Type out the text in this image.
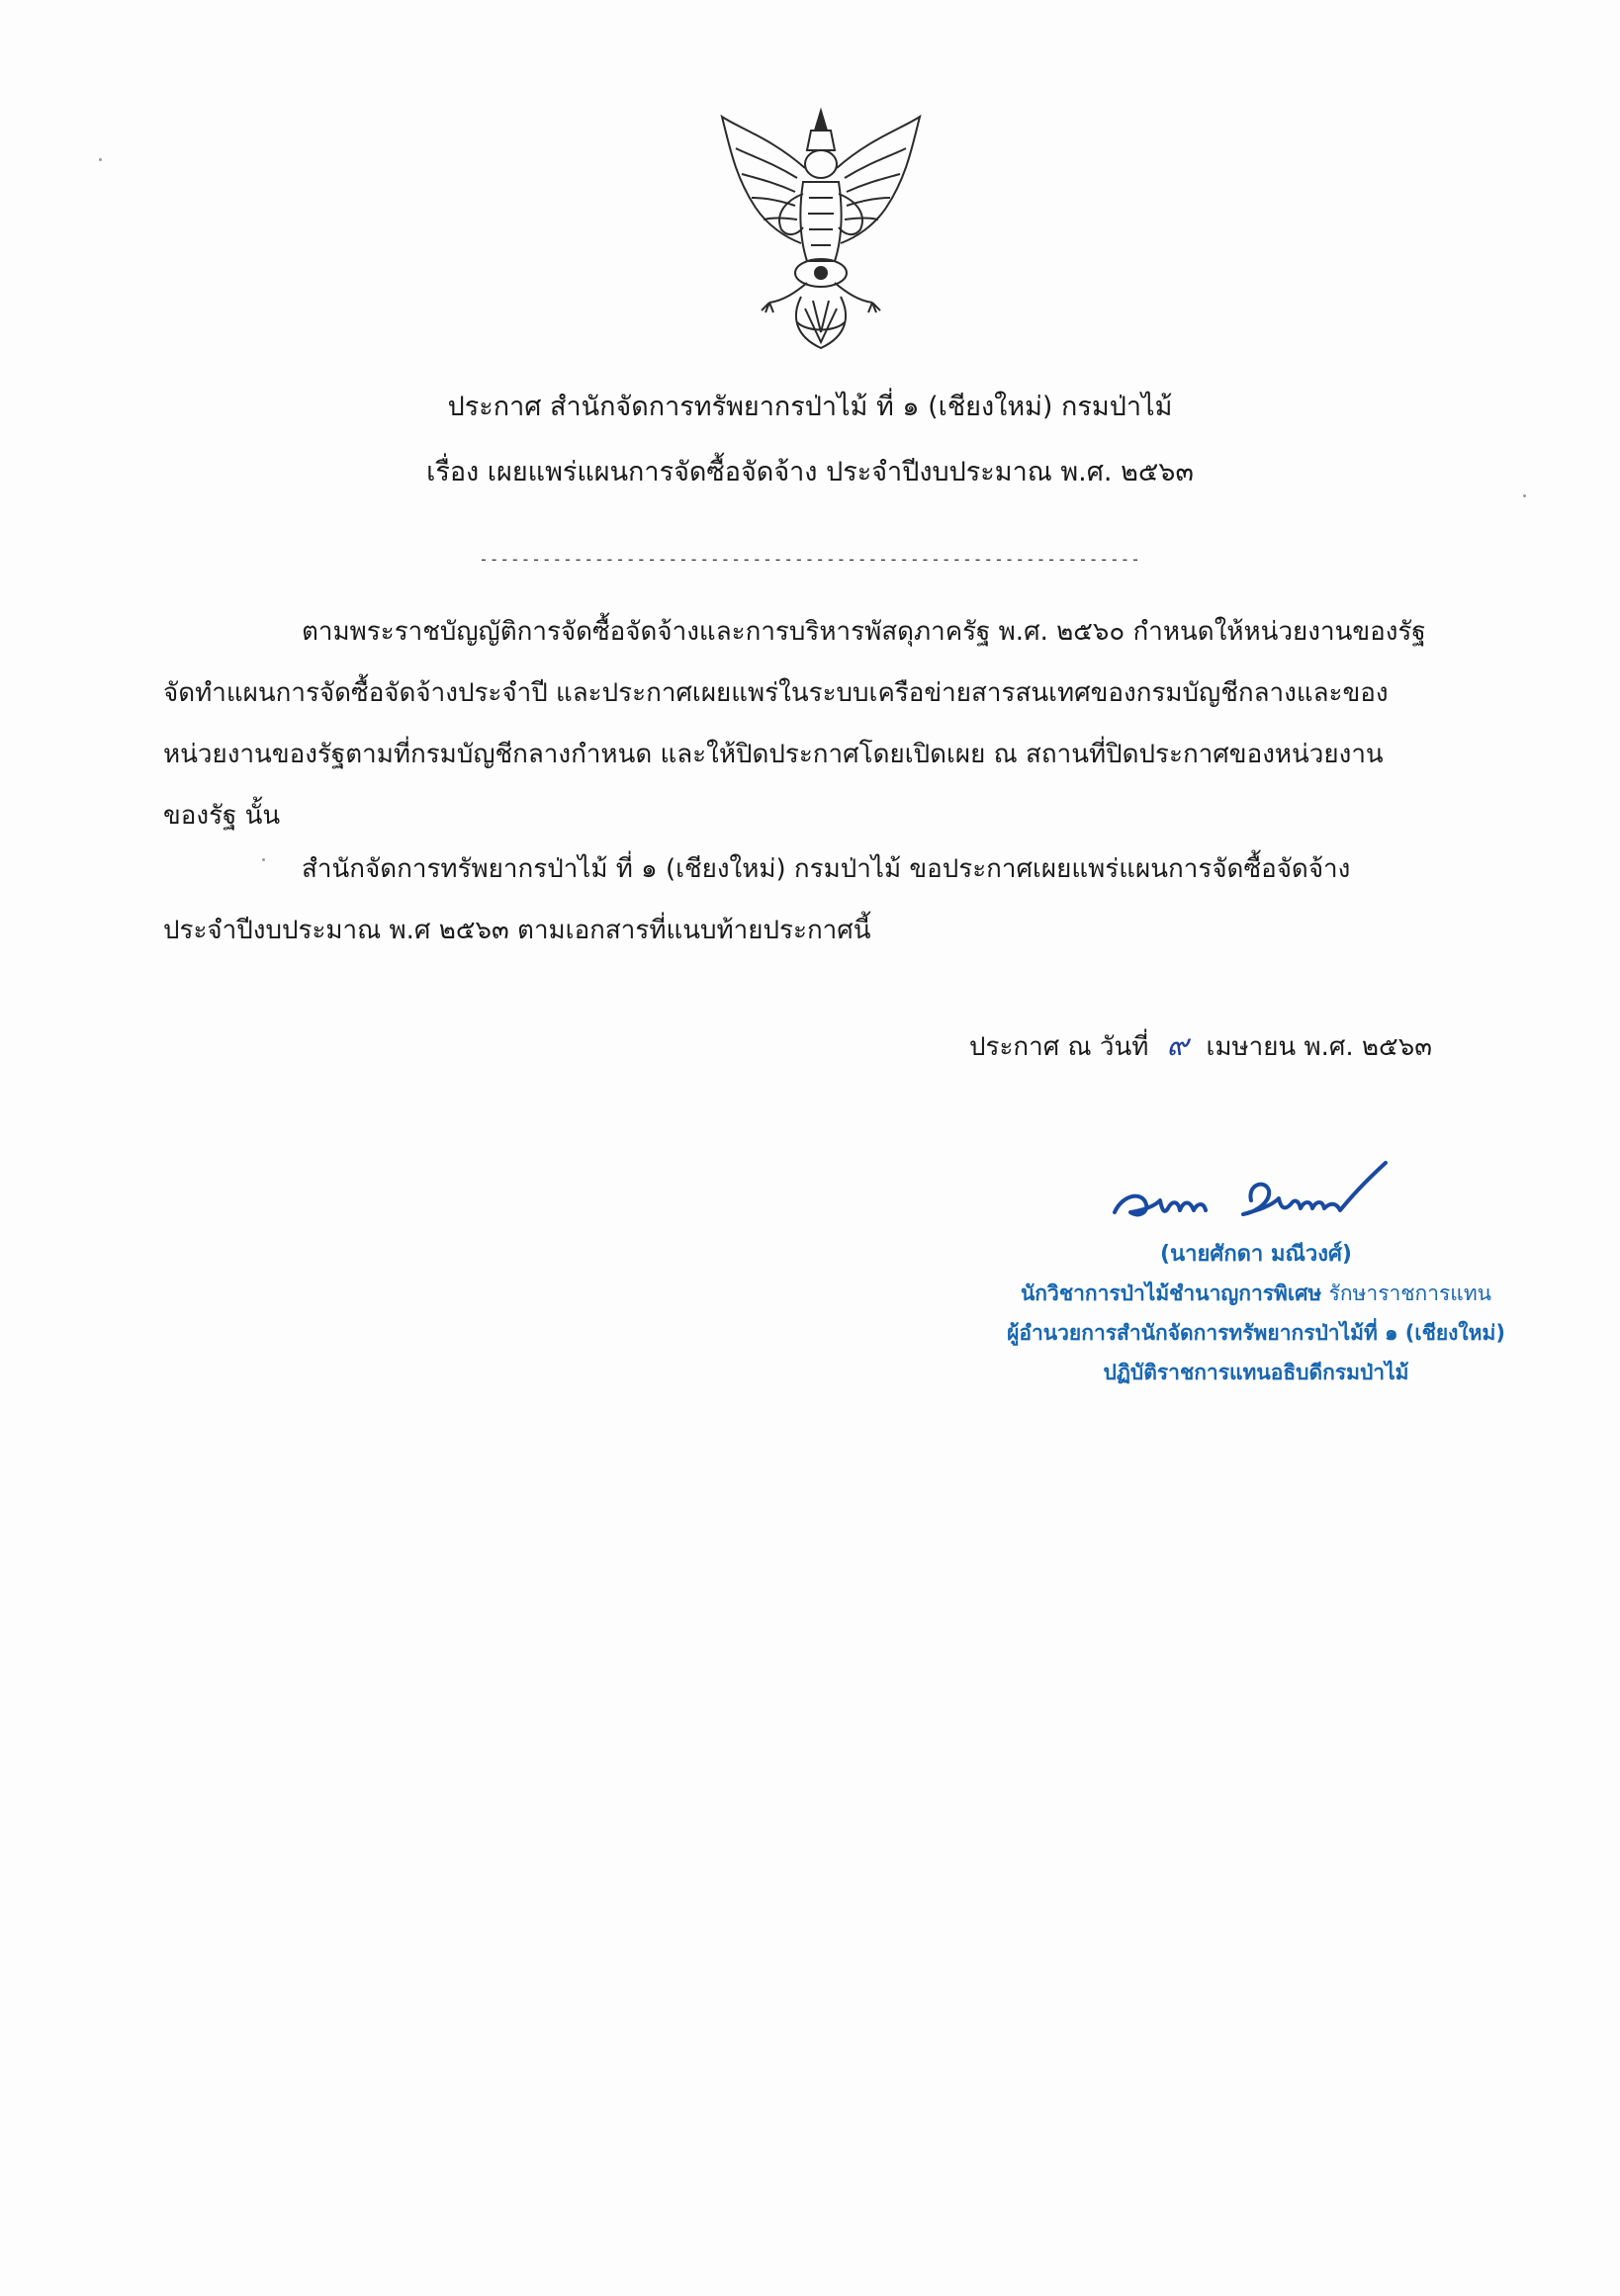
ประกาศ สำนักจัดการทรัพยากรป่าไม้ ที่ ๑ (เชียงใหม่) กรมป่าไม้
เรื่อง เผยแพร่แผนการจัดซื้อจัดจ้าง ประจำปีงบประมาณ พ.ศ. ๒๕๖๓
---------------------------------------------------------------
ตามพระราชบัญญัติการจัดซื้อจัดจ้างและการบริหารพัสดุภาครัฐ พ.ศ. ๒๕๖๐ กำหนดให้หน่วยงานของรัฐ
จัดทำแผนการจัดซื้อจัดจ้างประจำปี และประกาศเผยแพร่ในระบบเครือข่ายสารสนเทศของกรมบัญชีกลางและของ
หน่วยงานของรัฐตามที่กรมบัญชีกลางกำหนด และให้ปิดประกาศโดยเปิดเผย ณ สถานที่ปิดประกาศของหน่วยงาน
ของรัฐ นั้น
สำนักจัดการทรัพยากรป่าไม้ ที่ ๑ (เชียงใหม่) กรมป่าไม้ ขอประกาศเผยแพร่แผนการจัดซื้อจัดจ้าง
ประจำปีงบประมาณ พ.ศ ๒๕๖๓ ตามเอกสารที่แนบท้ายประกาศนี้
ประกาศ ณ วันที่ ๙ เมษายน พ.ศ. ๒๕๖๓
(นายศักดา มณีวงศ์)
นักวิชาการป่าไม้ชำนาญการพิเศษ รักษาราชการแทน
ผู้อำนวยการสำนักจัดการทรัพยากรป่าไม้ที่ ๑ (เชียงใหม่)
ปฏิบัติราชการแทนอธิบดีกรมป่าไม้
